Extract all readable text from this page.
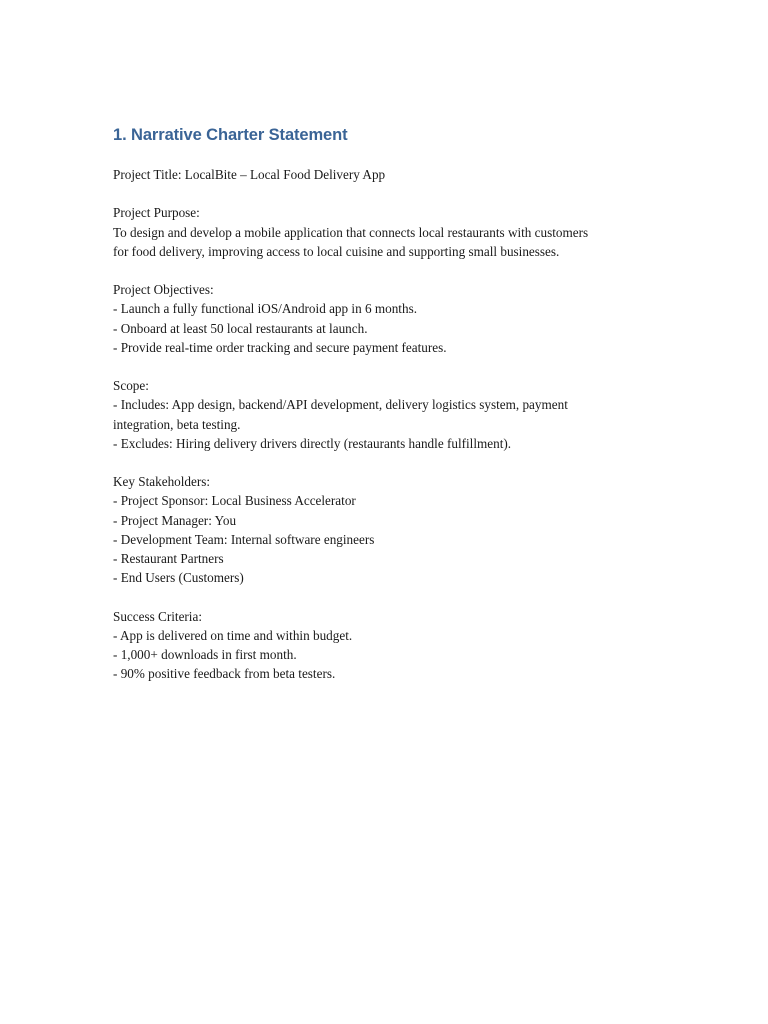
1. Narrative Charter Statement
Project Title: LocalBite – Local Food Delivery App
Project Purpose:
To design and develop a mobile application that connects local restaurants with customers
for food delivery, improving access to local cuisine and supporting small businesses.
Project Objectives:
- Launch a fully functional iOS/Android app in 6 months.
- Onboard at least 50 local restaurants at launch.
- Provide real-time order tracking and secure payment features.
Scope:
- Includes: App design, backend/API development, delivery logistics system, payment
integration, beta testing.
- Excludes: Hiring delivery drivers directly (restaurants handle fulfillment).
Key Stakeholders:
- Project Sponsor: Local Business Accelerator
- Project Manager: You
- Development Team: Internal software engineers
- Restaurant Partners
- End Users (Customers)
Success Criteria:
- App is delivered on time and within budget.
- 1,000+ downloads in first month.
- 90% positive feedback from beta testers.
